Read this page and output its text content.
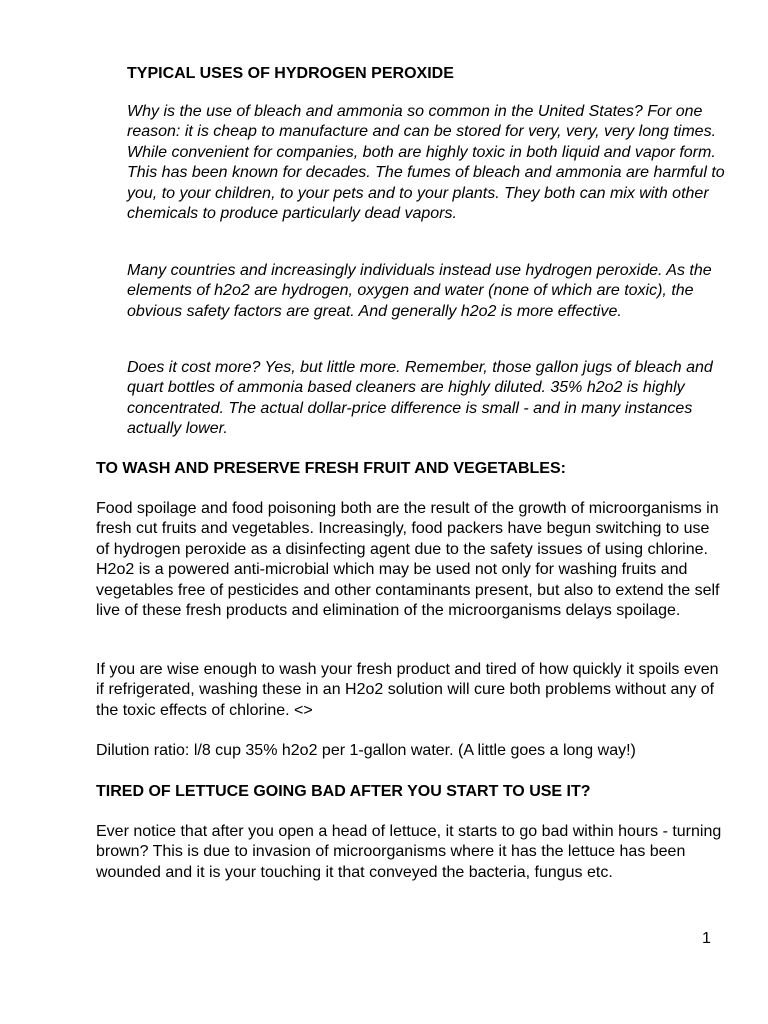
TYPICAL USES OF HYDROGEN PEROXIDE

Why is the use of bleach and ammonia so common in the United States? For one reason: it is cheap to manufacture and can be stored for very, very, very long times. While convenient for companies, both are highly toxic in both liquid and vapor form. This has been known for decades. The fumes of bleach and ammonia are harmful to you, to your children, to your pets and to your plants. They both can mix with other chemicals to produce particularly dead vapors.

Many countries and increasingly individuals instead use hydrogen peroxide. As the elements of h2o2 are hydrogen, oxygen and water (none of which are toxic), the obvious safety factors are great. And generally h2o2 is more effective.

Does it cost more? Yes, but little more. Remember, those gallon jugs of bleach and quart bottles of ammonia based cleaners are highly diluted. 35% h2o2 is highly concentrated. The actual dollar-price difference is small - and in many instances actually lower.

TO WASH AND PRESERVE FRESH FRUIT AND VEGETABLES:

Food spoilage and food poisoning both are the result of the growth of microorganisms in fresh cut fruits and vegetables. Increasingly, food packers have begun switching to use of hydrogen peroxide as a disinfecting agent due to the safety issues of using chlorine. H2o2 is a powered anti-microbial which may be used not only for washing fruits and vegetables free of pesticides and other contaminants present, but also to extend the self live of these fresh products and elimination of the microorganisms delays spoilage.

If you are wise enough to wash your fresh product and tired of how quickly it spoils even if refrigerated, washing these in an H2o2 solution will cure both problems without any of the toxic effects of chlorine. <>

Dilution ratio: l/8 cup 35% h2o2 per 1-gallon water. (A little goes a long way!)

TIRED OF LETTUCE GOING BAD AFTER YOU START TO USE IT?

Ever notice that after you open a head of lettuce, it starts to go bad within hours - turning brown? This is due to invasion of microorganisms where it has the lettuce has been wounded and it is your touching it that conveyed the bacteria, fungus etc.

1
